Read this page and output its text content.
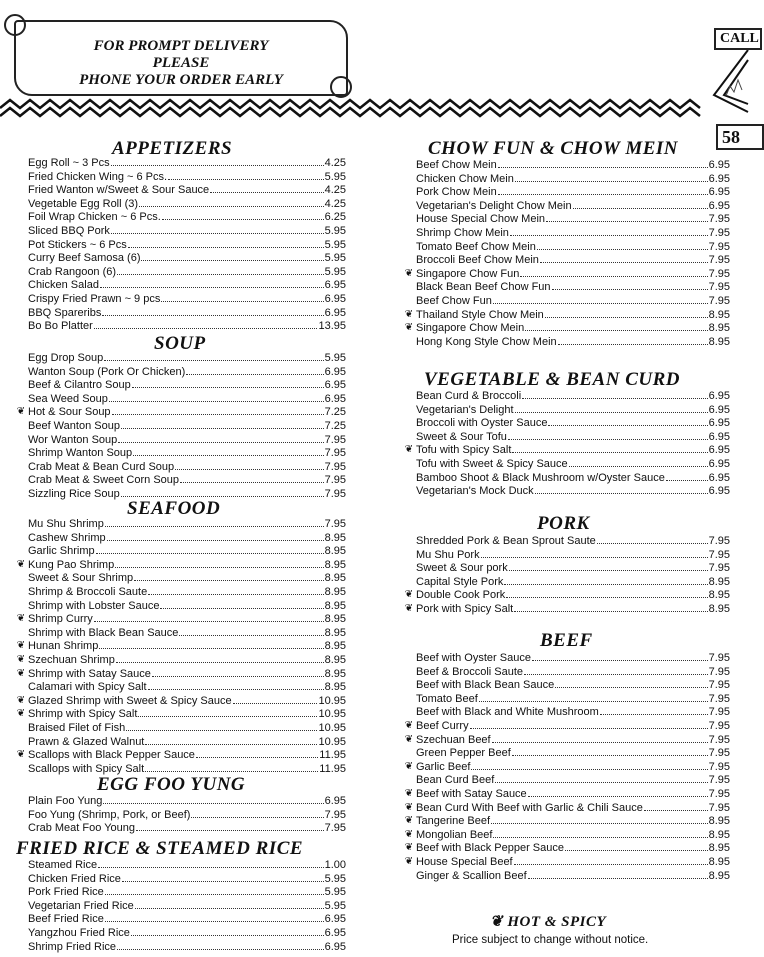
FOR PROMPT DELIVERY
PLEASE
PHONE YOUR ORDER EARLY
CALL
58
APPETIZERS
Egg Roll ~ 3 Pcs	4.25
Fried Chicken Wing ~ 6 Pcs.	5.95
Fried Wanton w/Sweet & Sour Sauce	4.25
Vegetable Egg Roll (3)	4.25
Foil Wrap Chicken ~ 6 Pcs.	6.25
Sliced BBQ Pork	5.95
Pot Stickers ~ 6 Pcs	5.95
Curry Beef Samosa (6)	5.95
Crab Rangoon (6)	5.95
Chicken Salad	6.95
Crispy Fried Prawn ~ 9 pcs	6.95
BBQ Spareribs	6.95
Bo Bo Platter	13.95
SOUP
Egg Drop Soup	5.95
Wanton Soup (Pork Or Chicken)	6.95
Beef & Cilantro Soup	6.95
Sea Weed Soup	6.95
❦ Hot & Sour Soup	7.25
Beef Wanton Soup	7.25
Wor Wanton Soup	7.95
Shrimp Wanton Soup	7.95
Crab Meat & Bean Curd Soup	7.95
Crab Meat & Sweet Corn Soup	7.95
Sizzling Rice Soup	7.95
SEAFOOD
Mu Shu Shrimp	7.95
Cashew Shrimp	8.95
Garlic Shrimp	8.95
❦ Kung Pao Shrimp	8.95
Sweet & Sour Shrimp	8.95
Shrimp & Broccoli Saute	8.95
Shrimp with Lobster Sauce	8.95
❦ Shrimp Curry	8.95
Shrimp with Black Bean Sauce	8.95
❦ Hunan Shrimp	8.95
❦ Szechuan Shrimp	8.95
❦ Shrimp with Satay Sauce	8.95
Calamari with Spicy Salt	8.95
❦ Glazed Shrimp with Sweet & Spicy Sauce	10.95
❦ Shrimp with Spicy Salt	10.95
Braised Filet of Fish	10.95
Prawn & Glazed Walnut	10.95
❦ Scallops with Black Pepper Sauce	11.95
Scallops with Spicy Salt	11.95
EGG FOO YUNG
Plain Foo Yung	6.95
Foo Yung (Shrimp, Pork, or Beef)	7.95
Crab Meat Foo Young	7.95
FRIED RICE & STEAMED RICE
Steamed Rice	1.00
Chicken Fried Rice	5.95
Pork Fried Rice	5.95
Vegetarian Fried Rice	5.95
Beef Fried Rice	6.95
Yangzhou Fried Rice	6.95
Shrimp Fried Rice	6.95
CHOW FUN & CHOW MEIN
Beef Chow Mein	6.95
Chicken Chow Mein	6.95
Pork Chow Mein	6.95
Vegetarian's Delight Chow Mein	6.95
House Special Chow Mein	7.95
Shrimp Chow Mein	7.95
Tomato Beef Chow Mein	7.95
Broccoli Beef Chow Mein	7.95
❦ Singapore Chow Fun	7.95
Black Bean Beef Chow Fun	7.95
Beef Chow Fun	7.95
❦ Thailand Style Chow Mein	8.95
❦ Singapore Chow Mein	8.95
Hong Kong Style Chow Mein	8.95
VEGETABLE & BEAN CURD
Bean Curd & Broccoli	6.95
Vegetarian's Delight	6.95
Broccoli with Oyster Sauce	6.95
Sweet & Sour Tofu	6.95
❦ Tofu with Spicy Salt	6.95
Tofu with Sweet & Spicy Sauce	6.95
Bamboo Shoot & Black Mushroom w/Oyster Sauce	6.95
Vegetarian's Mock Duck	6.95
PORK
Shredded Pork & Bean Sprout Saute	7.95
Mu Shu Pork	7.95
Sweet & Sour pork	7.95
Capital Style Pork	8.95
❦ Double Cook Pork	8.95
❦ Pork with Spicy Salt	8.95
BEEF
Beef with Oyster Sauce	7.95
Beef & Broccoli Saute	7.95
Beef with Black Bean Sauce	7.95
Tomato Beef	7.95
Beef with Black and White Mushroom	7.95
❦ Beef Curry	7.95
❦ Szechuan Beef	7.95
Green Pepper Beef	7.95
❦ Garlic Beef	7.95
Bean Curd Beef	7.95
❦ Beef with Satay Sauce	7.95
❦ Bean Curd With Beef with Garlic & Chili Sauce	7.95
❦ Tangerine Beef	8.95
❦ Mongolian Beef	8.95
❦ Beef with Black Pepper Sauce	8.95
❦ House Special Beef	8.95
Ginger & Scallion Beef	8.95
❦ HOT & SPICY
Price subject to change without notice.
